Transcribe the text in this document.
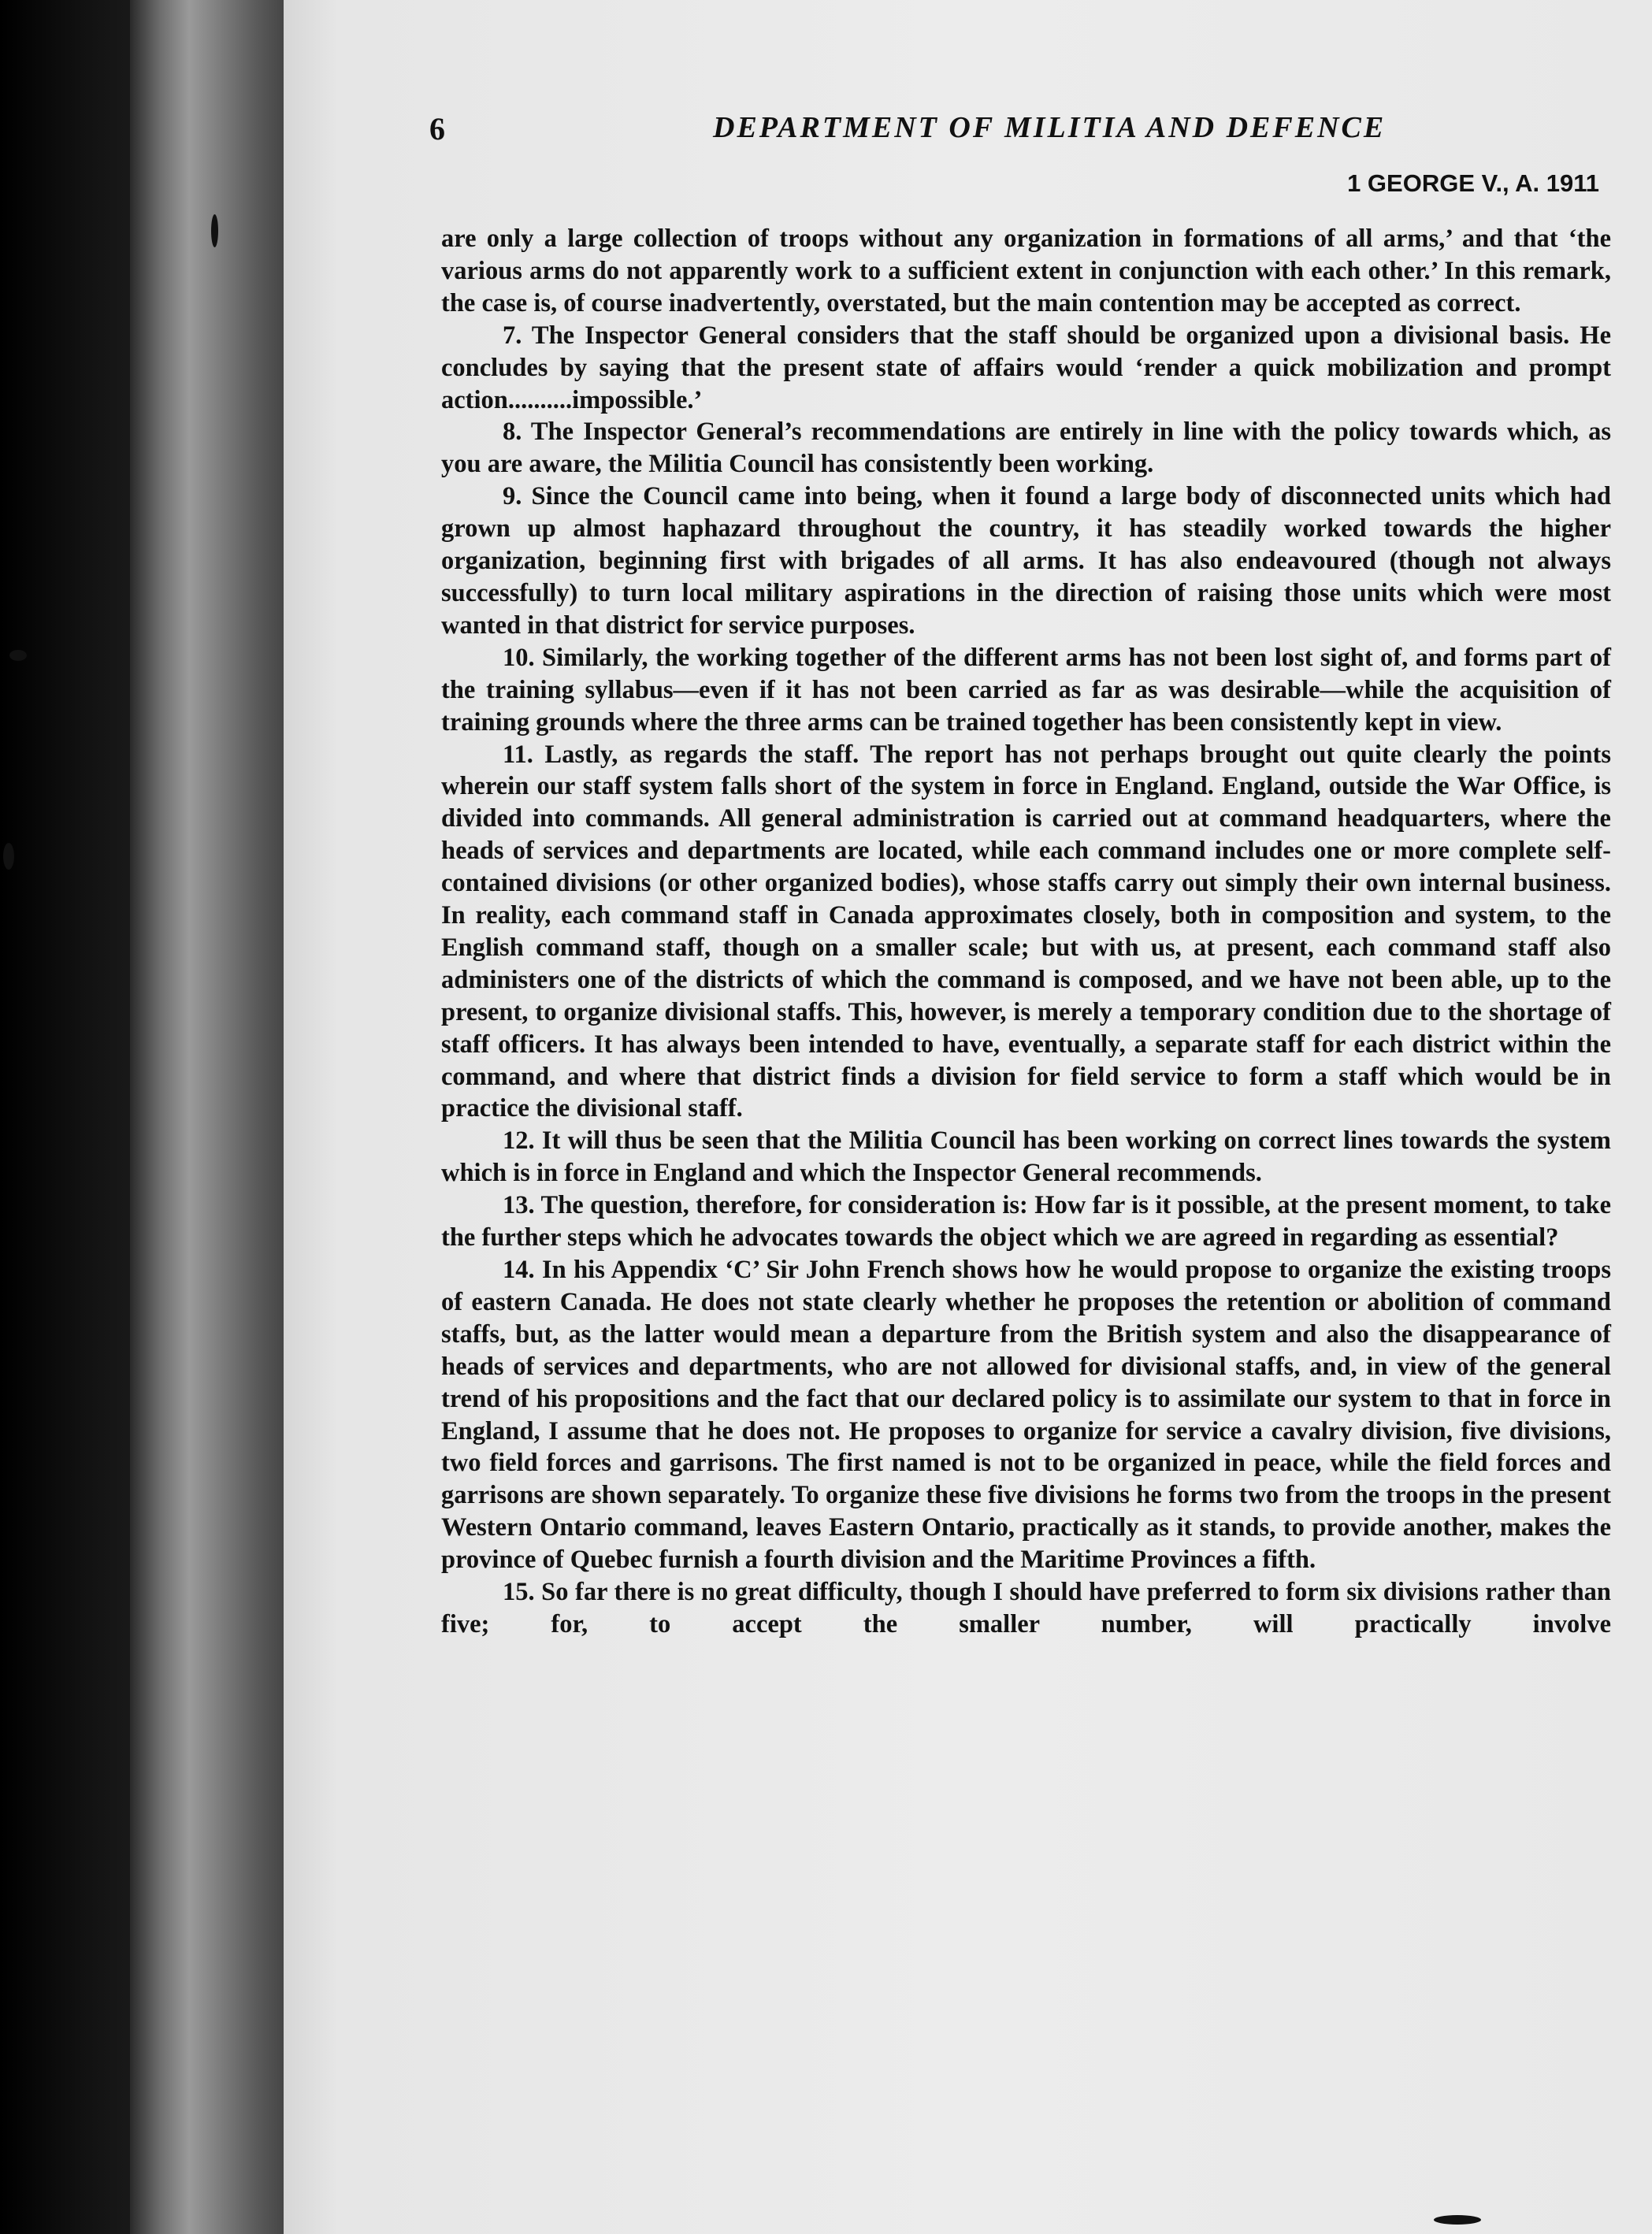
6	DEPARTMENT OF MILITIA AND DEFENCE
1 GEORGE V., A. 1911

are only a large collection of troops without any organization in formations of all arms,’ and that ‘the various arms do not apparently work to a sufficient extent in conjunction with each other.’ In this remark, the case is, of course inadvertently, overstated, but the main contention may be accepted as correct.

7. The Inspector General considers that the staff should be organized upon a divisional basis. He concludes by saying that the present state of affairs would ‘render a quick mobilization and prompt action..........impossible.’

8. The Inspector General’s recommendations are entirely in line with the policy towards which, as you are aware, the Militia Council has consistently been working.

9. Since the Council came into being, when it found a large body of disconnected units which had grown up almost haphazard throughout the country, it has steadily worked towards the higher organization, beginning first with brigades of all arms. It has also endeavoured (though not always successfully) to turn local military aspirations in the direction of raising those units which were most wanted in that district for service purposes.

10. Similarly, the working together of the different arms has not been lost sight of, and forms part of the training syllabus—even if it has not been carried as far as was desirable—while the acquisition of training grounds where the three arms can be trained together has been consistently kept in view.

11. Lastly, as regards the staff. The report has not perhaps brought out quite clearly the points wherein our staff system falls short of the system in force in England. England, outside the War Office, is divided into commands. All general administration is carried out at command headquarters, where the heads of services and departments are located, while each command includes one or more complete self-contained divisions (or other organized bodies), whose staffs carry out simply their own internal business. In reality, each command staff in Canada approximates closely, both in composition and system, to the English command staff, though on a smaller scale; but with us, at present, each command staff also administers one of the districts of which the command is composed, and we have not been able, up to the present, to organize divisional staffs. This, however, is merely a temporary condition due to the shortage of staff officers. It has always been intended to have, eventually, a separate staff for each district within the command, and where that district finds a division for field service to form a staff which would be in practice the divisional staff.

12. It will thus be seen that the Militia Council has been working on correct lines towards the system which is in force in England and which the Inspector General recommends.

13. The question, therefore, for consideration is: How far is it possible, at the present moment, to take the further steps which he advocates towards the object which we are agreed in regarding as essential?

14. In his Appendix ‘C’ Sir John French shows how he would propose to organize the existing troops of eastern Canada. He does not state clearly whether he proposes the retention or abolition of command staffs, but, as the latter would mean a departure from the British system and also the disappearance of heads of services and departments, who are not allowed for divisional staffs, and, in view of the general trend of his propositions and the fact that our declared policy is to assimilate our system to that in force in England, I assume that he does not. He proposes to organize for service a cavalry division, five divisions, two field forces and garrisons. The first named is not to be organized in peace, while the field forces and garrisons are shown separately. To organize these five divisions he forms two from the troops in the present Western Ontario command, leaves Eastern Ontario, practically as it stands, to provide another, makes the province of Quebec furnish a fourth division and the Maritime Provinces a fifth.

15. So far there is no great difficulty, though I should have preferred to form six divisions rather than five; for, to accept the smaller number, will practically involve
